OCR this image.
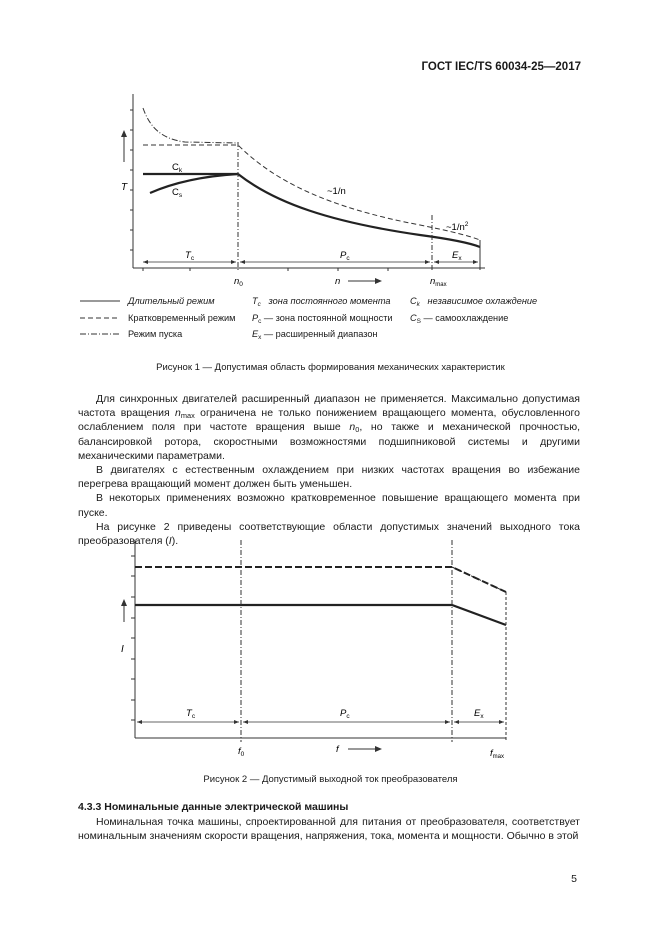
ГОСТ IEC/TS 60034-25—2017
T
$C_k$
$C_s$	~1/n
$\sim 1/n^2$
$T_c$	$P_c$	$E_x$
$n_0$	n	$n_{max}$
Длительный режим
Кратковременный режим
Режим пуска
$T_c$ зона постоянного момента
$P_c$ — зона постоянной мощности
$E_x$ — расширенный диапазон
$C_k$ независимое охлаждение
$C_S$ — самоохлаждение
Рисунок 1 — Допустимая область формирования механических характеристик

Для синхронных двигателей расширенный диапазон не применяется. Максимально допустимая частота вращения $n_{max}$ ограничена не только понижением вращающего момента, обусловленного ослаблением поля при частоте вращения выше $n_0$, но также и механической прочностью, балансировкой ротора, скоростными возможностями подшипниковой системы и другими механическими параметрами.

В двигателях с естественным охлаждением при низких частотах вращения во избежание перегрева вращающий момент должен быть уменьшен.

В некоторых применениях возможно кратковременное повышение вращающего момента при пуске.

На рисунке 2 приведены соответствующие области допустимых значений выходного тока преобразователя (I).

I
$T_c$	$P_c$	$E_x$
$f_0$	f	$f_{max}$
Рисунок 2 — Допустимый выходной ток преобразователя
4.3.3 Номинальные данные электрической машины

Номинальная точка машины, спроектированной для питания от преобразователя, соответствует номинальным значениям скорости вращения, напряжения, тока, момента и мощности. Обычно в этой

5
